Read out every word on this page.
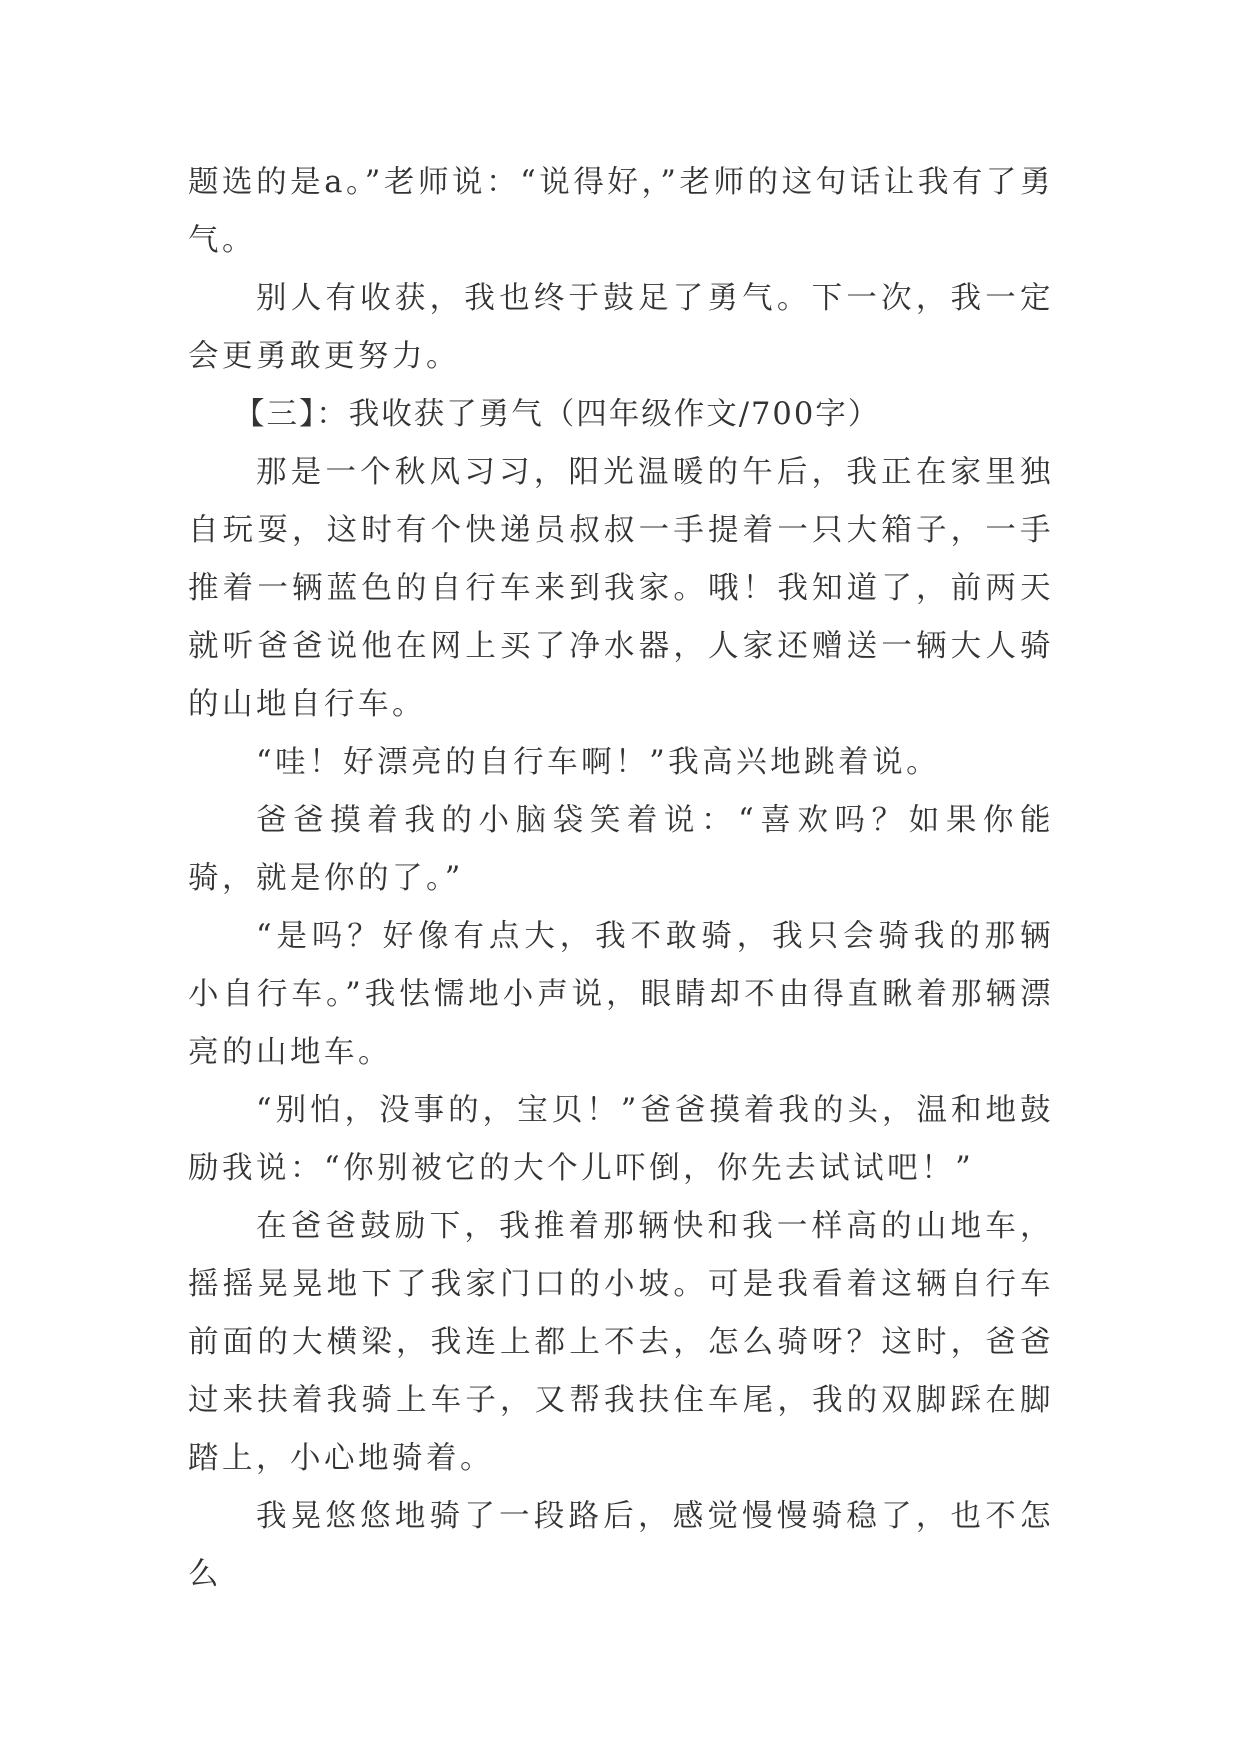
题选的是a。”老师说：“说得好，”老师的这句话让我有了勇气。

别人有收获，我也终于鼓足了勇气。下一次，我一定会更勇敢更努力。

【三】：我收获了勇气（四年级作文/700字）

那是一个秋风习习，阳光温暖的午后，我正在家里独自玩耍，这时有个快递员叔叔一手提着一只大箱子，一手推着一辆蓝色的自行车来到我家。哦！我知道了，前两天就听爸爸说他在网上买了净水器，人家还赠送一辆大人骑的山地自行车。

“哇！好漂亮的自行车啊！”我高兴地跳着说。

爸爸摸着我的小脑袋笑着说：“喜欢吗？如果你能骑，就是你的了。”

“是吗？好像有点大，我不敢骑，我只会骑我的那辆小自行车。”我怯懦地小声说，眼睛却不由得直瞅着那辆漂亮的山地车。

“别怕，没事的，宝贝！”爸爸摸着我的头，温和地鼓励我说：“你别被它的大个儿吓倒，你先去试试吧！”

在爸爸鼓励下，我推着那辆快和我一样高的山地车，摇摇晃晃地下了我家门口的小坡。可是我看着这辆自行车前面的大横梁，我连上都上不去，怎么骑呀？这时，爸爸过来扶着我骑上车子，又帮我扶住车尾，我的双脚踩在脚踏上，小心地骑着。

我晃悠悠地骑了一段路后，感觉慢慢骑稳了，也不怎么
